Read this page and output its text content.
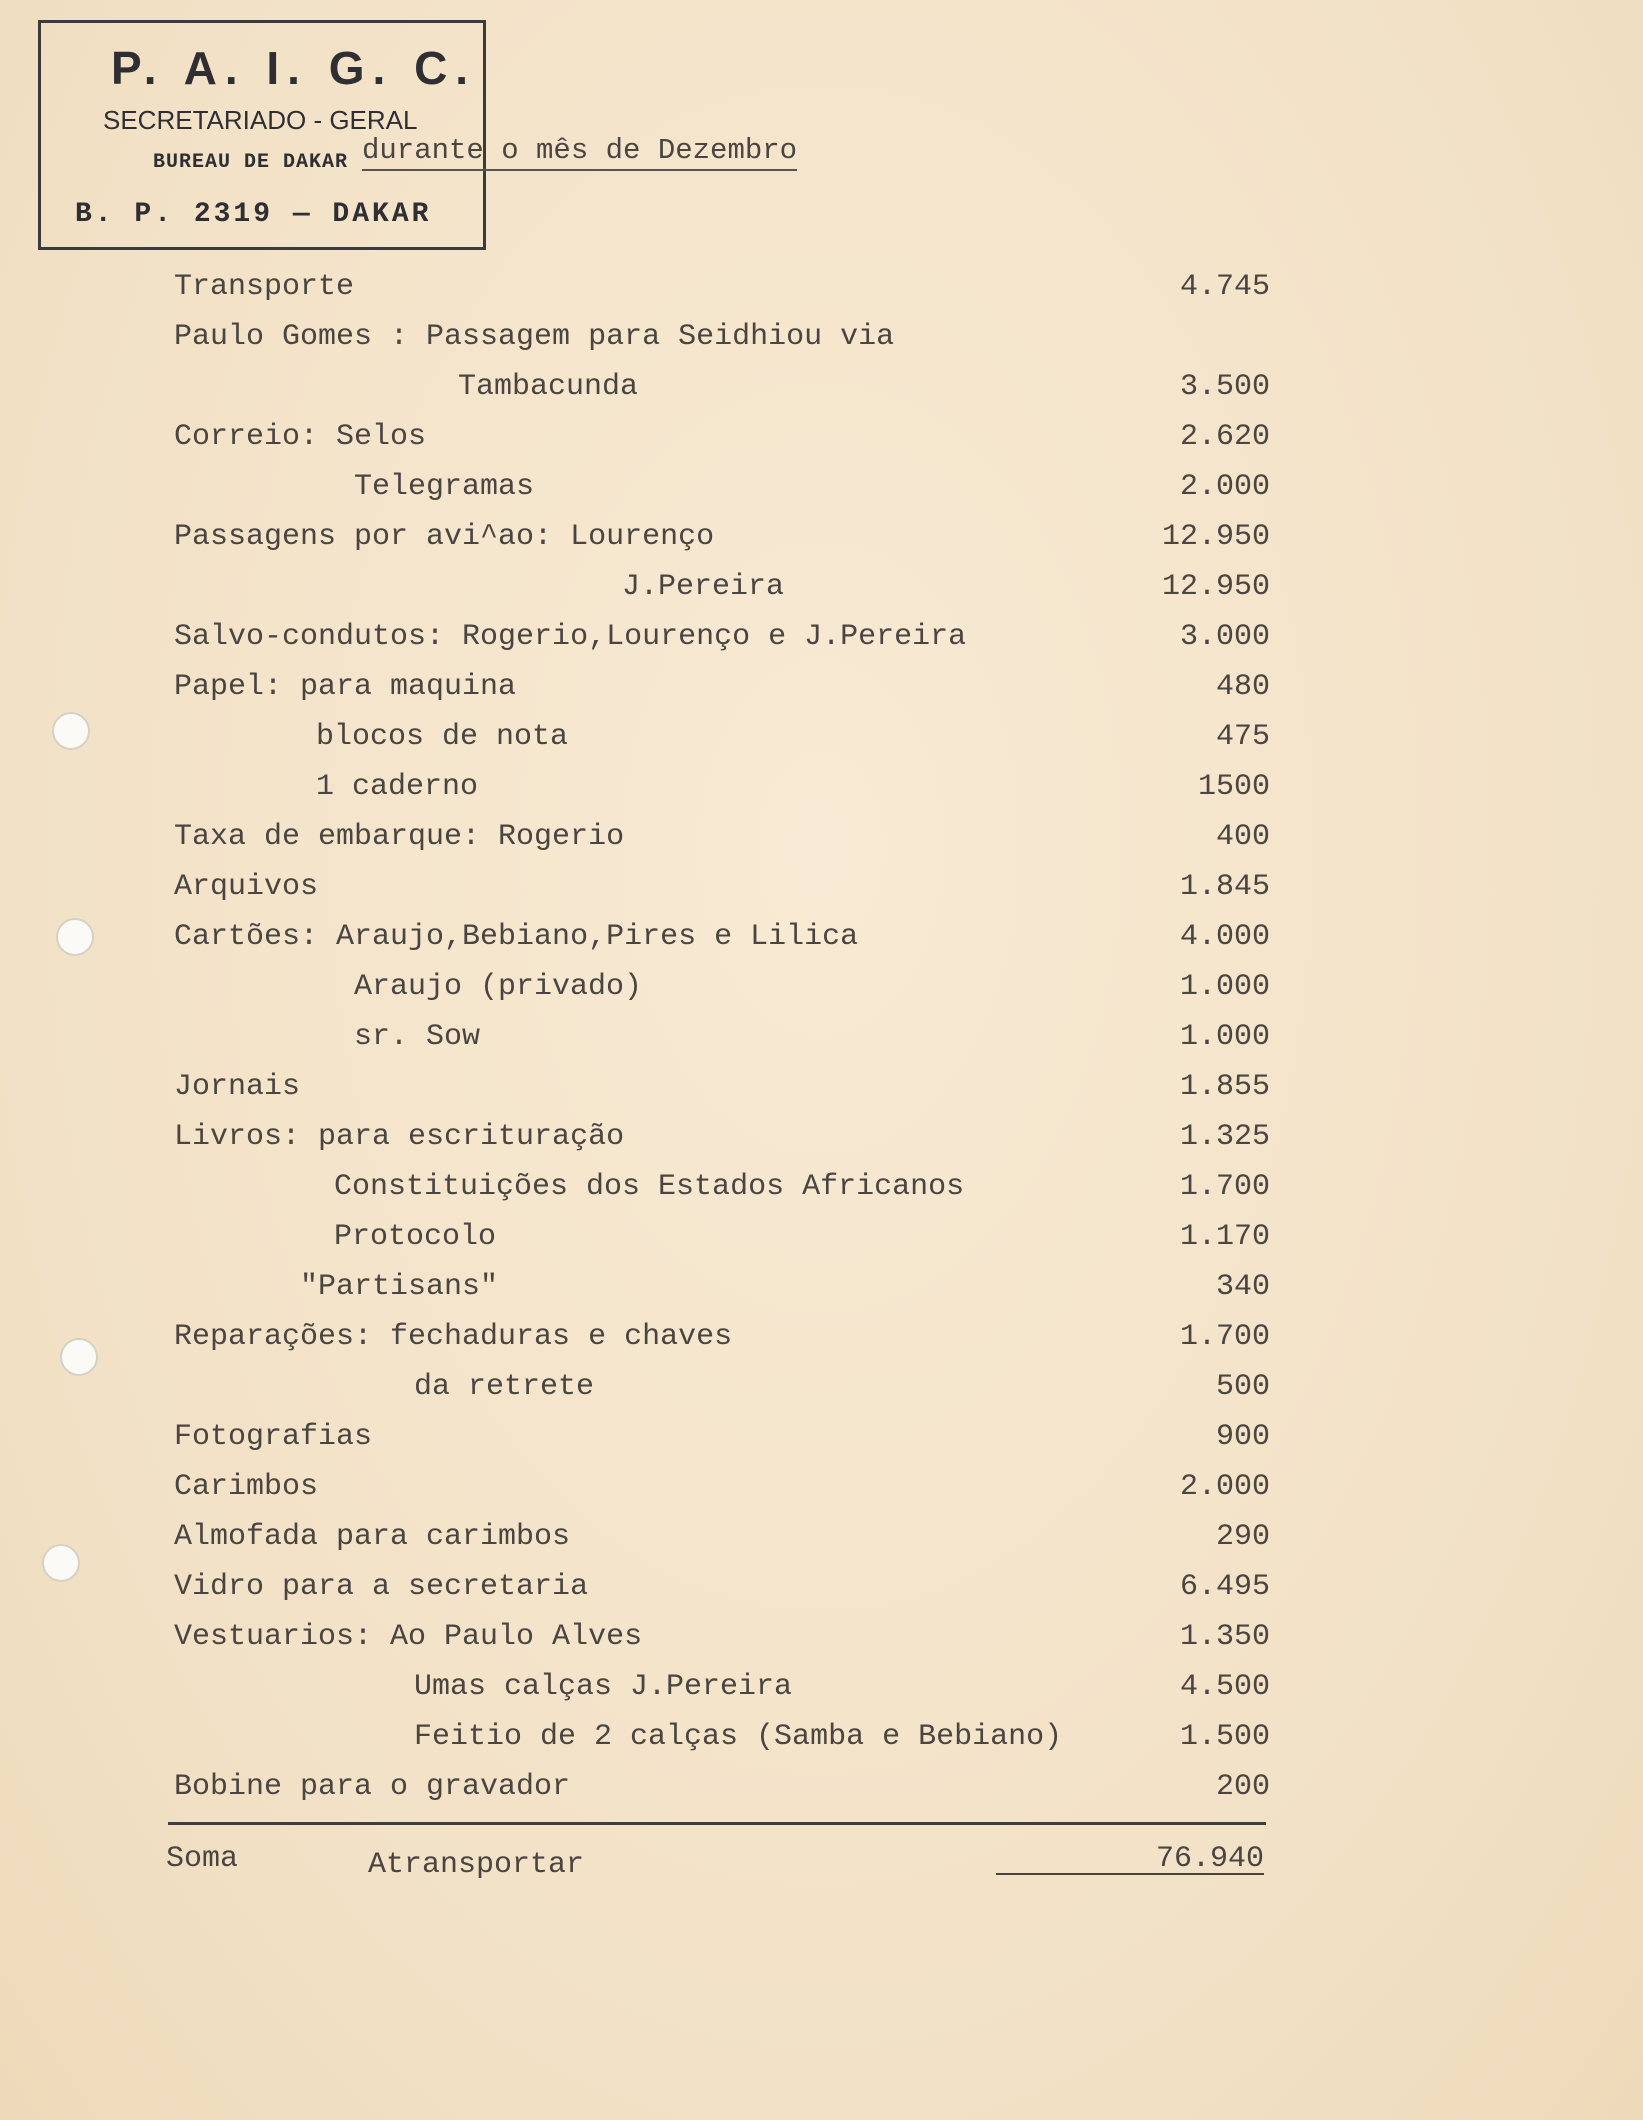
P. A. I. G. C.
SECRETARIADO - GERAL
BUREAU DE DAKAR
B. P. 2319 — DAKAR
durante o mês de Dezembro
Transporte	4.745
Paulo Gomes : Passagem para Seidhiou via
Tambacunda	3.500
Correio: Selos	2.620
Telegramas	2.000
Passagens por avi^ao: Lourenço	12.950
J.Pereira	12.950
Salvo-condutos: Rogerio,Lourenço e J.Pereira	3.000
Papel: para maquina	480
blocos de nota	475
1 caderno	1500
Taxa de embarque: Rogerio	400
Arquivos	1.845
Cartões: Araujo,Bebiano,Pires e Lilica	4.000
Araujo (privado)	1.000
sr. Sow	1.000
Jornais	1.855
Livros: para escrituração	1.325
Constituições dos Estados Africanos	1.700
Protocolo	1.170
"Partisans"	340
Reparações: fechaduras e chaves	1.700
da retrete	500
Fotografias	900
Carimbos	2.000
Almofada para carimbos	290
Vidro para a secretaria	6.495
Vestuarios: Ao Paulo Alves	1.350
Umas calças J.Pereira	4.500
Feitio de 2 calças (Samba e Bebiano)	1.500
Bobine para o gravador	200
Soma	Atransportar	76.940
